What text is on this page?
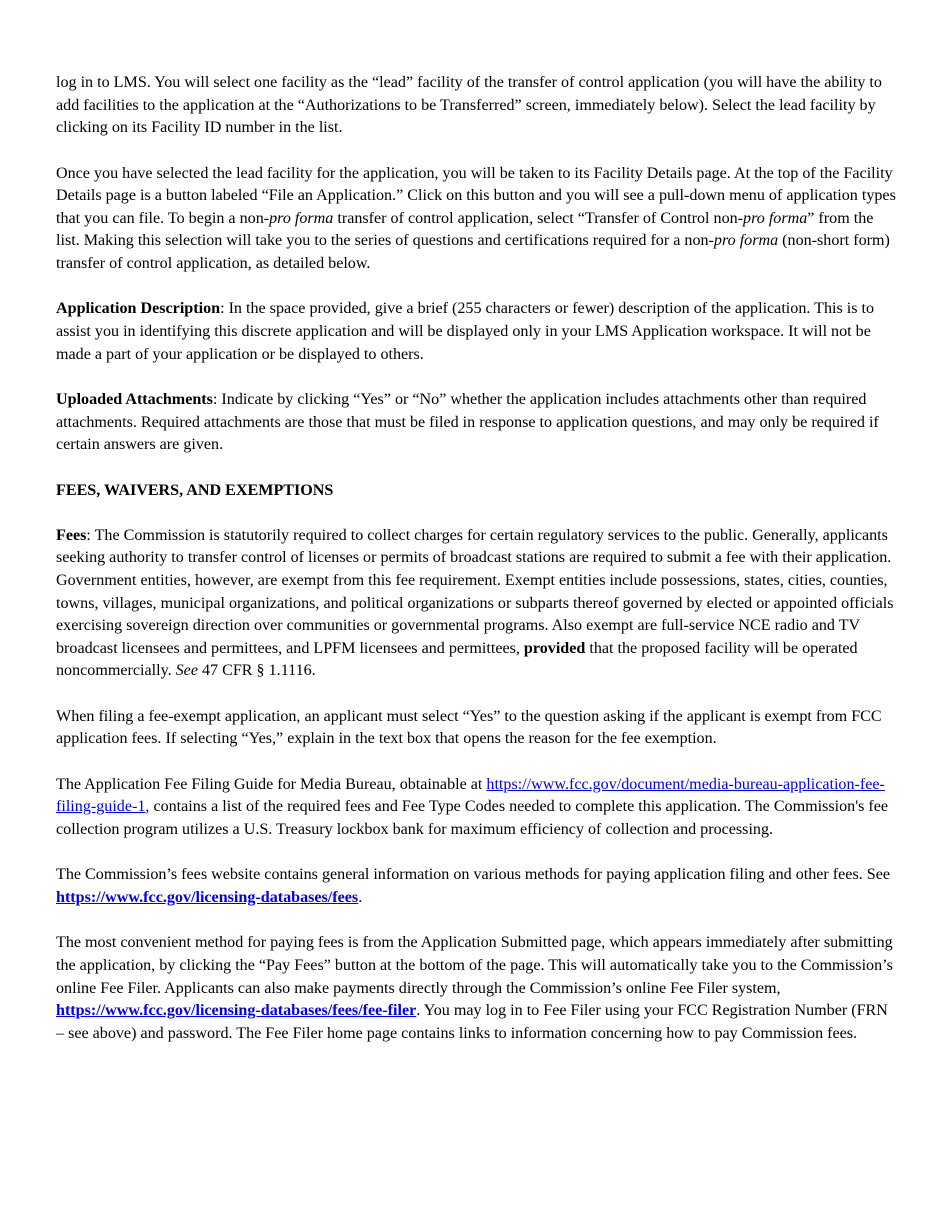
log in to LMS. You will select one facility as the “lead” facility of the transfer of control application (you will have the ability to add facilities to the application at the “Authorizations to be Transferred” screen, immediately below). Select the lead facility by clicking on its Facility ID number in the list.

Once you have selected the lead facility for the application, you will be taken to its Facility Details page. At the top of the Facility Details page is a button labeled “File an Application.” Click on this button and you will see a pull-down menu of application types that you can file. To begin a non-pro forma transfer of control application, select “Transfer of Control non-pro forma” from the list. Making this selection will take you to the series of questions and certifications required for a non-pro forma (non-short form) transfer of control application, as detailed below.

Application Description: In the space provided, give a brief (255 characters or fewer) description of the application. This is to assist you in identifying this discrete application and will be displayed only in your LMS Application workspace. It will not be made a part of your application or be displayed to others.

Uploaded Attachments: Indicate by clicking “Yes” or “No” whether the application includes attachments other than required attachments. Required attachments are those that must be filed in response to application questions, and may only be required if certain answers are given.

FEES, WAIVERS, AND EXEMPTIONS

Fees: The Commission is statutorily required to collect charges for certain regulatory services to the public. Generally, applicants seeking authority to transfer control of licenses or permits of broadcast stations are required to submit a fee with their application. Government entities, however, are exempt from this fee requirement. Exempt entities include possessions, states, cities, counties, towns, villages, municipal organizations, and political organizations or subparts thereof governed by elected or appointed officials exercising sovereign direction over communities or governmental programs. Also exempt are full-service NCE radio and TV broadcast licensees and permittees, and LPFM licensees and permittees, provided that the proposed facility will be operated noncommercially. See 47 CFR § 1.1116.

When filing a fee-exempt application, an applicant must select “Yes” to the question asking if the applicant is exempt from FCC application fees. If selecting “Yes,” explain in the text box that opens the reason for the fee exemption.

The Application Fee Filing Guide for Media Bureau, obtainable at https://www.fcc.gov/document/media-bureau-application-fee-filing-guide-1, contains a list of the required fees and Fee Type Codes needed to complete this application. The Commission's fee collection program utilizes a U.S. Treasury lockbox bank for maximum efficiency of collection and processing.

The Commission’s fees website contains general information on various methods for paying application filing and other fees. See https://www.fcc.gov/licensing-databases/fees.

The most convenient method for paying fees is from the Application Submitted page, which appears immediately after submitting the application, by clicking the “Pay Fees” button at the bottom of the page. This will automatically take you to the Commission’s online Fee Filer. Applicants can also make payments directly through the Commission’s online Fee Filer system, https://www.fcc.gov/licensing-databases/fees/fee-filer. You may log in to Fee Filer using your FCC Registration Number (FRN – see above) and password. The Fee Filer home page contains links to information concerning how to pay Commission fees.
